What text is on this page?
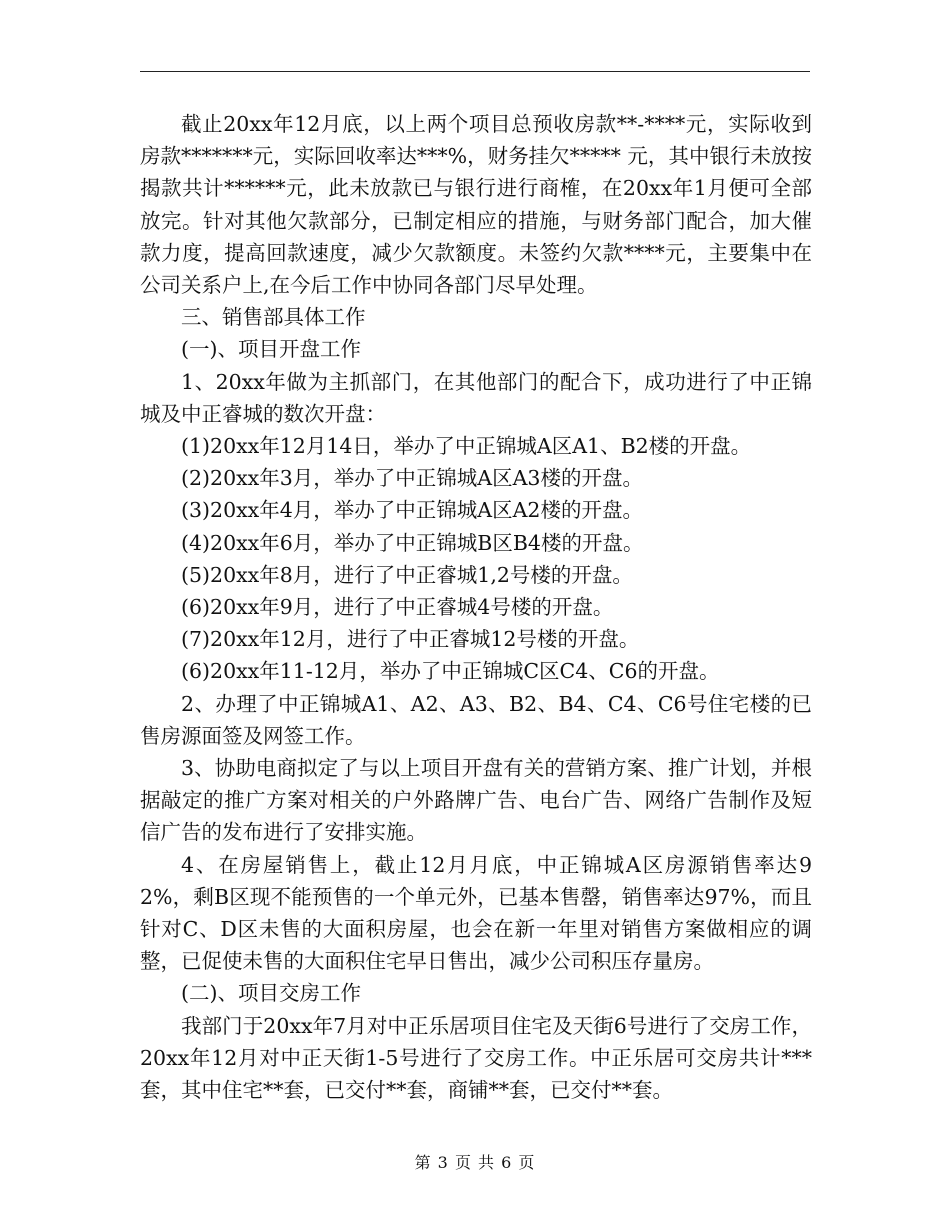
截止20xx年12月底，以上两个项目总预收房款**-****元，实际收到房款*******元，实际回收率达***%，财务挂欠***** 元，其中银行未放按揭款共计******元，此未放款已与银行进行商榷，在20xx年1月便可全部放完。针对其他欠款部分，已制定相应的措施，与财务部门配合，加大催款力度，提高回款速度，减少欠款额度。未签约欠款****元，主要集中在公司关系户上,在今后工作中协同各部门尽早处理。

三、销售部具体工作

(一)、项目开盘工作

1、20xx年做为主抓部门，在其他部门的配合下，成功进行了中正锦城及中正睿城的数次开盘：

(1)20xx年12月14日，举办了中正锦城A区A1、B2楼的开盘。

(2)20xx年3月，举办了中正锦城A区A3楼的开盘。

(3)20xx年4月，举办了中正锦城A区A2楼的开盘。

(4)20xx年6月，举办了中正锦城B区B4楼的开盘。

(5)20xx年8月，进行了中正睿城1,2号楼的开盘。

(6)20xx年9月，进行了中正睿城4号楼的开盘。

(7)20xx年12月，进行了中正睿城12号楼的开盘。

(6)20xx年11-12月，举办了中正锦城C区C4、C6的开盘。

2、办理了中正锦城A1、A2、A3、B2、B4、C4、C6号住宅楼的已售房源面签及网签工作。

3、协助电商拟定了与以上项目开盘有关的营销方案、推广计划，并根据敲定的推广方案对相关的户外路牌广告、电台广告、网络广告制作及短信广告的发布进行了安排实施。

4、在房屋销售上，截止12月月底，中正锦城A区房源销售率达92%，剩B区现不能预售的一个单元外，已基本售罄，销售率达97%，而且针对C、D区未售的大面积房屋，也会在新一年里对销售方案做相应的调整，已促使未售的大面积住宅早日售出，减少公司积压存量房。

(二)、项目交房工作

我部门于20xx年7月对中正乐居项目住宅及天街6号进行了交房工作，20xx年12月对中正天街1-5号进行了交房工作。中正乐居可交房共计***套，其中住宅**套，已交付**套，商铺**套，已交付**套。

第 3 页 共 6 页
